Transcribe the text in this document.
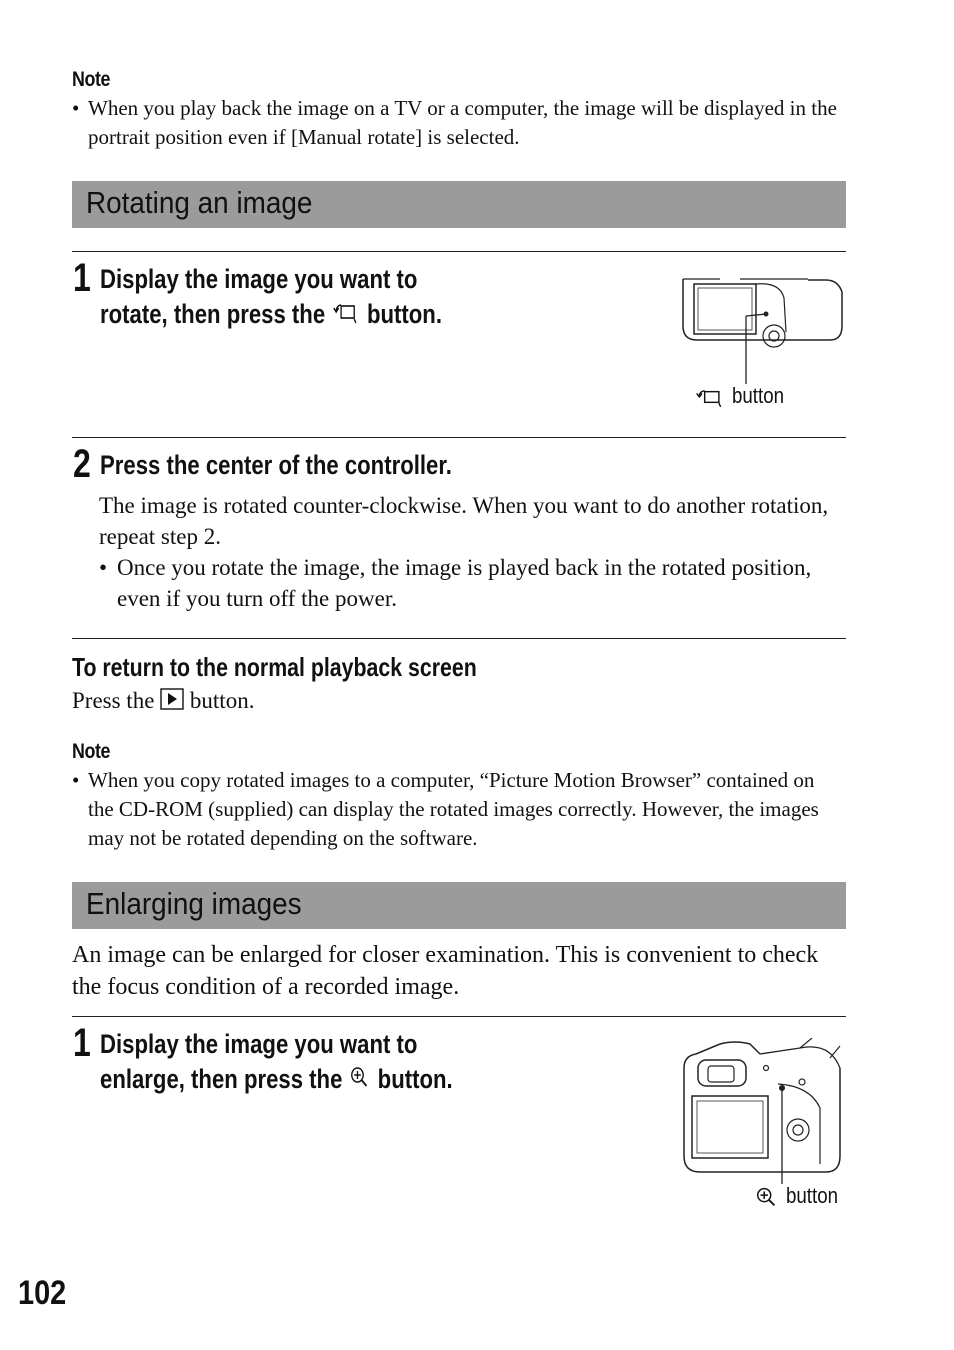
Note
• When you play back the image on a TV or a computer, the image will be displayed in the portrait position even if [Manual rotate] is selected.
Rotating an image
1 Display the image you want to
rotate, then press the button.
button
2 Press the center of the controller.
The image is rotated counter-clockwise. When you want to do another rotation, repeat step 2.
• Once you rotate the image, the image is played back in the rotated position, even if you turn off the power.
To return to the normal playback screen
Press the button.
Note
• When you copy rotated images to a computer, “Picture Motion Browser” contained on the CD-ROM (supplied) can display the rotated images correctly. However, the images may not be rotated depending on the software.
Enlarging images
An image can be enlarged for closer examination. This is convenient to check the focus condition of a recorded image.
1 Display the image you want to
enlarge, then press the button.
button
102
